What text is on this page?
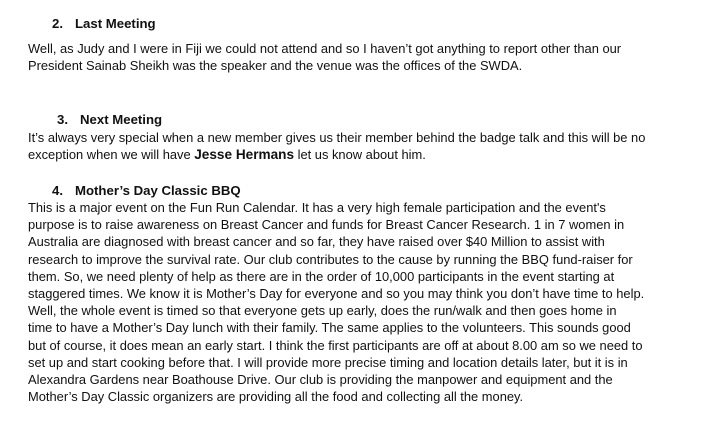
2. Last Meeting
Well, as Judy and I were in Fiji we could not attend and so I haven’t got anything to report other than our
President Sainab Sheikh was the speaker and the venue was the offices of the SWDA.
3. Next Meeting
It’s always very special when a new member gives us their member behind the badge talk and this will be no
exception when we will have Jesse Hermans let us know about him.
4. Mother’s Day Classic BBQ
This is a major event on the Fun Run Calendar. It has a very high female participation and the event's
purpose is to raise awareness on Breast Cancer and funds for Breast Cancer Research. 1 in 7 women in
Australia are diagnosed with breast cancer and so far, they have raised over $40 Million to assist with
research to improve the survival rate. Our club contributes to the cause by running the BBQ fund-raiser for
them. So, we need plenty of help as there are in the order of 10,000 participants in the event starting at
staggered times. We know it is Mother’s Day for everyone and so you may think you don’t have time to help.
Well, the whole event is timed so that everyone gets up early, does the run/walk and then goes home in
time to have a Mother’s Day lunch with their family. The same applies to the volunteers. This sounds good
but of course, it does mean an early start. I think the first participants are off at about 8.00 am so we need to
set up and start cooking before that. I will provide more precise timing and location details later, but it is in
Alexandra Gardens near Boathouse Drive. Our club is providing the manpower and equipment and the
Mother’s Day Classic organizers are providing all the food and collecting all the money.
